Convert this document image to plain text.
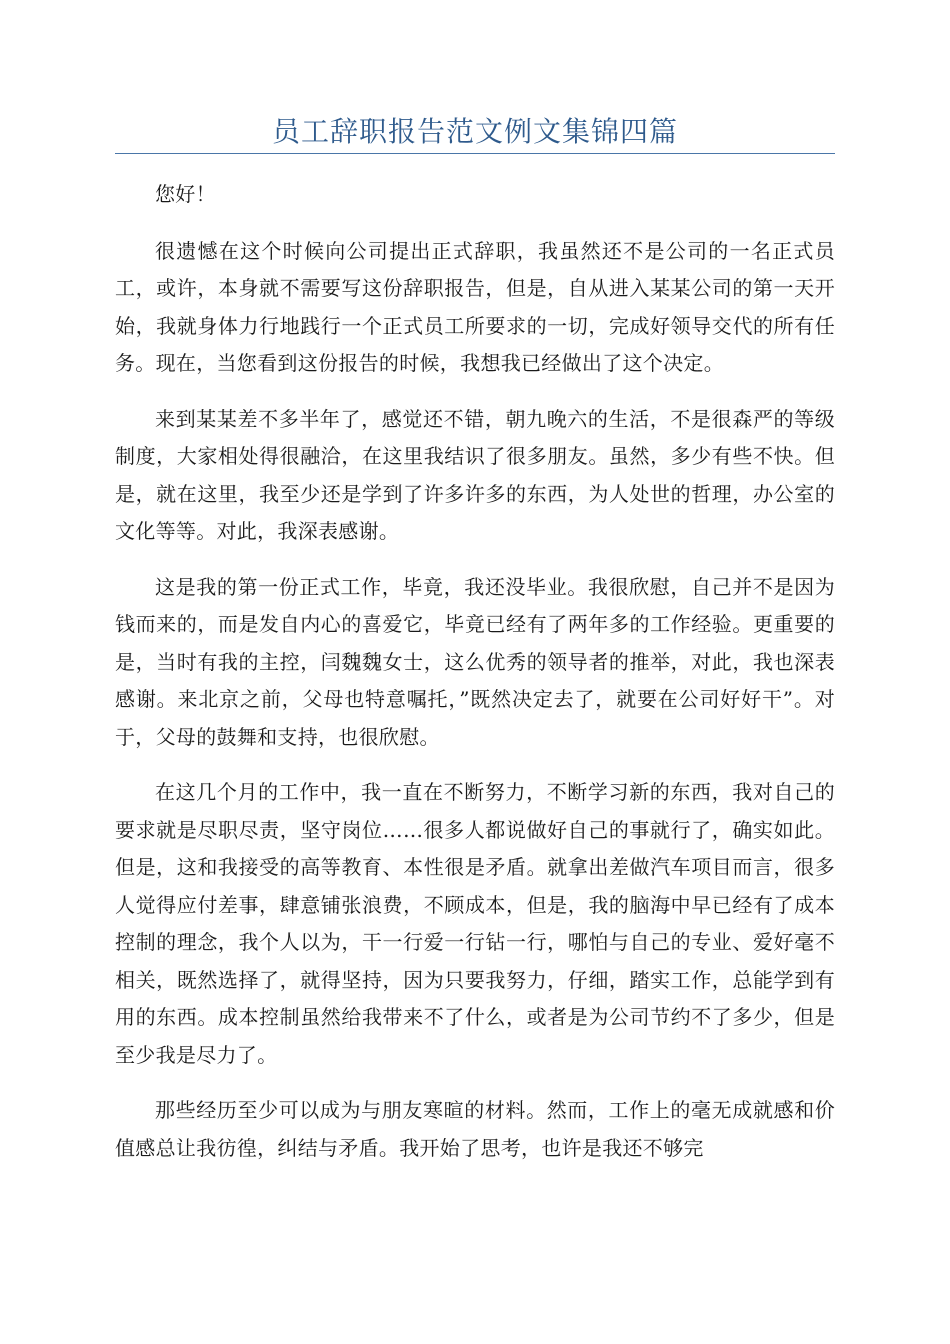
员工辞职报告范文例文集锦四篇

您好！

很遗憾在这个时候向公司提出正式辞职，我虽然还不是公司的一名正式员工，或许，本身就不需要写这份辞职报告，但是，自从进入某某公司的第一天开始，我就身体力行地践行一个正式员工所要求的一切，完成好领导交代的所有任务。现在，当您看到这份报告的时候，我想我已经做出了这个决定。

来到某某差不多半年了，感觉还不错，朝九晚六的生活，不是很森严的等级制度，大家相处得很融洽，在这里我结识了很多朋友。虽然，多少有些不快。但是，就在这里，我至少还是学到了许多许多的东西，为人处世的哲理，办公室的文化等等。对此，我深表感谢。

这是我的第一份正式工作，毕竟，我还没毕业。我很欣慰，自己并不是因为钱而来的，而是发自内心的喜爱它，毕竟已经有了两年多的工作经验。更重要的是，当时有我的主控，闫魏魏女士，这么优秀的领导者的推举，对此，我也深表感谢。来北京之前，父母也特意嘱托，”既然决定去了，就要在公司好好干”。对于，父母的鼓舞和支持，也很欣慰。

在这几个月的工作中，我一直在不断努力，不断学习新的东西，我对自己的要求就是尽职尽责，坚守岗位……很多人都说做好自己的事就行了，确实如此。但是，这和我接受的高等教育、本性很是矛盾。就拿出差做汽车项目而言，很多人觉得应付差事，肆意铺张浪费，不顾成本，但是，我的脑海中早已经有了成本控制的理念，我个人以为，干一行爱一行钻一行，哪怕与自己的专业、爱好毫不相关，既然选择了，就得坚持，因为只要我努力，仔细，踏实工作，总能学到有用的东西。成本控制虽然给我带来不了什么，或者是为公司节约不了多少，但是至少我是尽力了。

那些经历至少可以成为与朋友寒暄的材料。然而，工作上的毫无成就感和价值感总让我彷徨，纠结与矛盾。我开始了思考，也许是我还不够完
